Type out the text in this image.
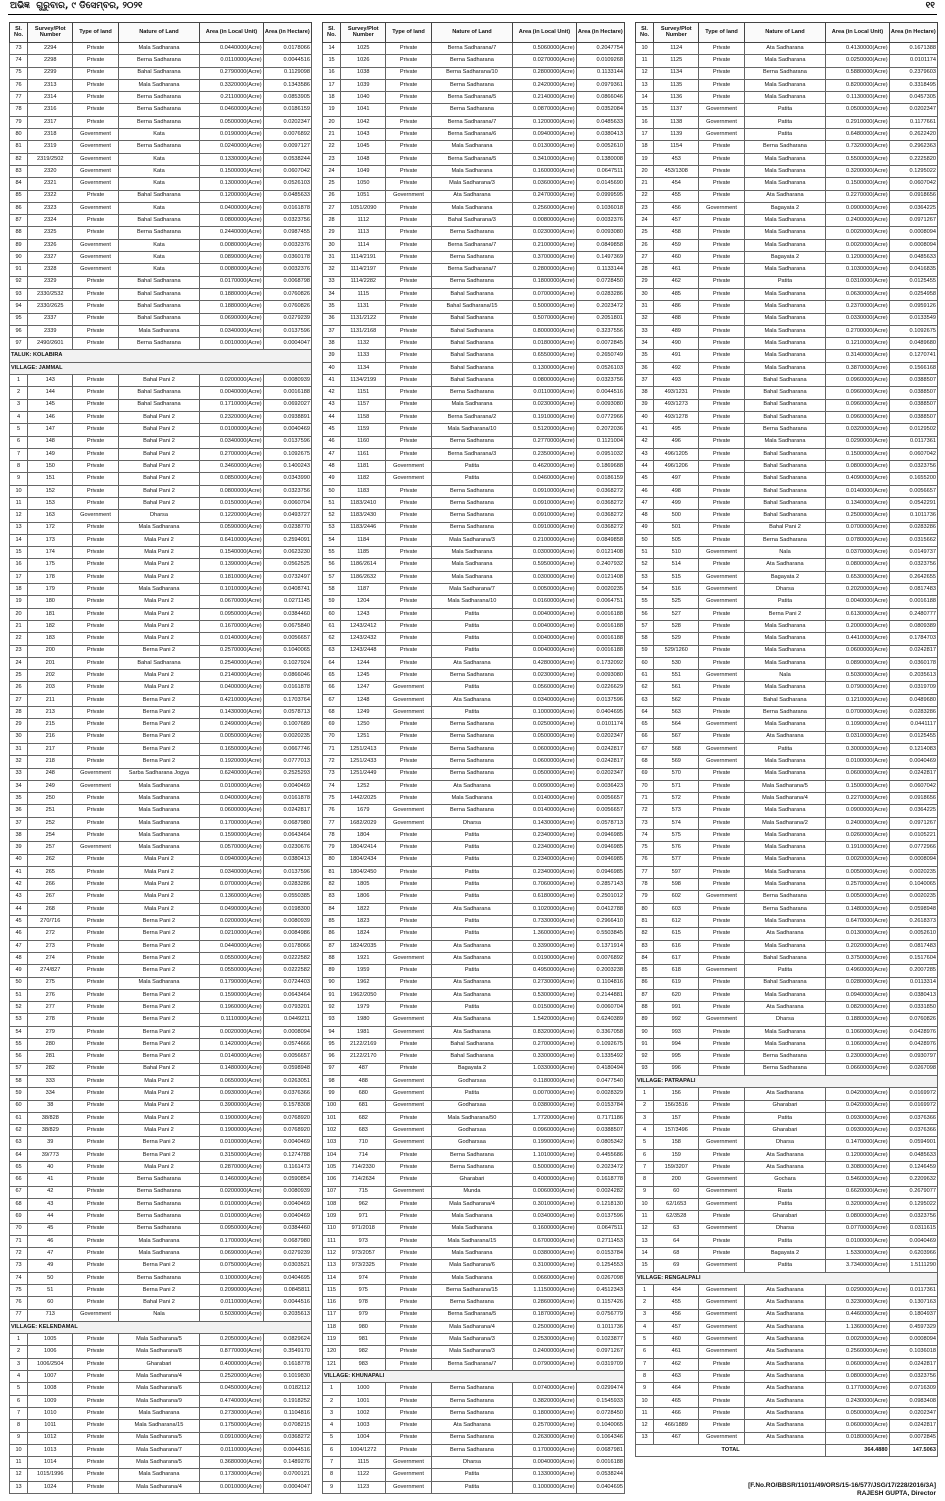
ଅଭିଜ୍ଞ ଗୁରୁବାର, ୯ ଡିସେମ୍ବର, ୨୦୨୧	୧୧
Sl. No.	Survey/Plot Number	Type of land	Nature of Land	Area (in Local Unit)	Area (in Hectare)
73	2294	Private	Mala Sadharana	0.0440000(Acre)	0.0178066
74	2298	Private	Berna Sadharana	0.0110000(Acre)	0.0044516
75	2299	Private	Bahal Sadharana	0.2790000(Acre)	0.1129098
76	2313	Private	Mala Sadharana	0.3320000(Acre)	0.1343586
77	2314	Private	Berna Sadharana	0.2110000(Acre)	0.0853905
78	2316	Private	Berna Sadharana	0.0460000(Acre)	0.0186159
79	2317	Private	Berna Sadharana	0.0500000(Acre)	0.0202347
80	2318	Government	Kata	0.0190000(Acre)	0.0076892
81	2319	Government	Berna Sadharana	0.0240000(Acre)	0.0097127
82	2319/2502	Government	Kata	0.1330000(Acre)	0.0538244
83	2320	Government	Kata	0.1500000(Acre)	0.0607042
84	2321	Government	Kata	0.1300000(Acre)	0.0526103
85	2322	Private	Bahal Sadharana	0.1200000(Acre)	0.0485633
86	2323	Government	Kata	0.0400000(Acre)	0.0161878
87	2324	Private	Bahal Sadharana	0.0800000(Acre)	0.0323756
88	2325	Private	Berna Sadharana	0.2440000(Acre)	0.0987455
89	2326	Government	Kata	0.0080000(Acre)	0.0032376
90	2327	Government	Kata	0.0890000(Acre)	0.0360178
91	2328	Government	Kata	0.0080000(Acre)	0.0032376
92	2329	Private	Bahal Sadharana	0.0170000(Acre)	0.0068798
93	2330/2532	Private	Bahal Sadharana	0.1880000(Acre)	0.0760826
94	2330/2625	Private	Bahal Sadharana	0.1880000(Acre)	0.0760826
95	2337	Private	Bahal Sadharana	0.0690000(Acre)	0.0279239
96	2339	Private	Mala Sadharana	0.0340000(Acre)	0.0137596
97	2490/2601	Private	Berna Sadharana	0.0010000(Acre)	0.0004047
TALUK: KOLABIRA					
VILLAGE: JAMMAL					
1	143	Private	Bahal Pani 2	0.0200000(Acre)	0.0080939
2	144	Private	Bahal Sadharana	0.0040000(Acre)	0.0016188
3	145	Private	Bahal Sadharana	0.1710000(Acre)	0.0692027
4	146	Private	Bahal Pani 2	0.2320000(Acre)	0.0938891
5	147	Private	Bahal Pani 2	0.0100000(Acre)	0.0040469
6	148	Private	Bahal Pani 2	0.0340000(Acre)	0.0137596
7	149	Private	Bahal Pani 2	0.2700000(Acre)	0.1092675
8	150	Private	Bahal Pani 2	0.3460000(Acre)	0.1400243
9	151	Private	Bahal Pani 2	0.0850000(Acre)	0.0343990
10	152	Private	Bahal Pani 2	0.0800000(Acre)	0.0323756
11	153	Private	Bahal Pani 2	0.0150000(Acre)	0.0060704
12	163	Government	Dharsa	0.1220000(Acre)	0.0493727
13	172	Private	Mala Sadharana	0.0590000(Acre)	0.0238770
14	173	Private	Mala Pani 2	0.6410000(Acre)	0.2594091
15	174	Private	Mala Pani 2	0.1540000(Acre)	0.0623230
16	175	Private	Mala Pani 2	0.1390000(Acre)	0.0562525
17	178	Private	Mala Pani 2	0.1810000(Acre)	0.0732497
18	179	Private	Mala Sadharana	0.1010000(Acre)	0.0408741
19	180	Private	Mala Pani 2	0.0670000(Acre)	0.0271145
20	181	Private	Mala Pani 2	0.0950000(Acre)	0.0384460
21	182	Private	Mala Pani 2	0.1670000(Acre)	0.0675840
22	183	Private	Mala Pani 2	0.0140000(Acre)	0.0056657
23	200	Private	Berna Pani 2	0.2570000(Acre)	0.1040065
24	201	Private	Bahal Sadharana	0.2540000(Acre)	0.1027924
25	202	Private	Mala Pani 2	0.2140000(Acre)	0.0866046
26	203	Private	Mala Pani 2	0.0400000(Acre)	0.0161878
27	211	Private	Berna Pani 2	0.4210000(Acre)	0.1703764
28	213	Private	Berna Pani 2	0.1430000(Acre)	0.0578713
29	215	Private	Berna Pani 2	0.2490000(Acre)	0.1007689
30	216	Private	Berna Pani 2	0.0050000(Acre)	0.0020235
31	217	Private	Berna Pani 2	0.1650000(Acre)	0.0667746
32	218	Private	Berna Pani 2	0.1920000(Acre)	0.0777013
33	248	Government	Sarba Sadharana Jogya	0.6240000(Acre)	0.2525293
34	249	Government	Mala Sadharana	0.0100000(Acre)	0.0040469
35	250	Private	Mala Sadharana	0.0400000(Acre)	0.0161878
36	251	Private	Mala Sadharana	0.0600000(Acre)	0.0242817
37	252	Private	Mala Sadharana	0.1700000(Acre)	0.0687980
38	254	Private	Mala Sadharana	0.1590000(Acre)	0.0643464
39	257	Government	Mala Sadharana	0.0570000(Acre)	0.0230676
40	262	Private	Mala Pani 2	0.0940000(Acre)	0.0380413
41	265	Private	Mala Pani 2	0.0340000(Acre)	0.0137596
42	266	Private	Mala Pani 2	0.0700000(Acre)	0.0283286
43	267	Private	Mala Pani 2	0.1360000(Acre)	0.0550385
44	268	Private	Mala Pani 2	0.0490000(Acre)	0.0198300
45	270/716	Private	Berna Pani 2	0.0200000(Acre)	0.0080939
46	272	Private	Berna Pani 2	0.0210000(Acre)	0.0084986
47	273	Private	Berna Pani 2	0.0440000(Acre)	0.0178066
48	274	Private	Berna Pani 2	0.0550000(Acre)	0.0222582
49	274/827	Private	Berna Pani 2	0.0550000(Acre)	0.0222582
50	275	Private	Mala Sadharana	0.1790000(Acre)	0.0724403
51	276	Private	Berna Pani 2	0.1590000(Acre)	0.0643464
52	277	Private	Berna Pani 2	0.1960000(Acre)	0.0793201
53	278	Private	Berna Pani 2	0.1110000(Acre)	0.0449211
54	279	Private	Berna Pani 2	0.0020000(Acre)	0.0008094
55	280	Private	Berna Pani 2	0.1420000(Acre)	0.0574666
56	281	Private	Berna Pani 2	0.0140000(Acre)	0.0056657
57	282	Private	Bahal Pani 2	0.1480000(Acre)	0.0598948
58	333	Private	Mala Pani 2	0.0650000(Acre)	0.0263051
59	334	Private	Mala Pani 2	0.0930000(Acre)	0.0376366
60	38	Private	Mala Pani 2	0.3900000(Acre)	0.1578308
61	38/828	Private	Mala Pani 2	0.1900000(Acre)	0.0768920
62	38/829	Private	Mala Pani 2	0.1900000(Acre)	0.0768920
63	39	Private	Berna Pani 2	0.0100000(Acre)	0.0040469
64	39/773	Private	Berna Pani 2	0.3150000(Acre)	0.1274788
65	40	Private	Mala Pani 2	0.2870000(Acre)	0.1161473
66	41	Private	Berna Sadharana	0.1460000(Acre)	0.0590854
67	42	Private	Berna Sadharana	0.0200000(Acre)	0.0080939
68	43	Private	Berna Sadharana	0.0100000(Acre)	0.0040469
69	44	Private	Berna Sadharana	0.0100000(Acre)	0.0040469
70	45	Private	Berna Sadharana	0.0950000(Acre)	0.0384460
71	46	Private	Mala Sadharana	0.1700000(Acre)	0.0687980
72	47	Private	Mala Sadharana	0.0690000(Acre)	0.0279239
73	49	Private	Berna Pani 2	0.0750000(Acre)	0.0303521
74	50	Private	Berna Sadharana	0.1000000(Acre)	0.0404695
75	51	Private	Berna Pani 2	0.2090000(Acre)	0.0845811
76	60	Private	Bahal Pani 2	0.0110000(Acre)	0.0044516
77	713	Government	Nala	0.5030000(Acre)	0.2035613
VILLAGE: KELENDAMAL					
1	1005	Private	Mala Sadharana/5	0.2050000(Acre)	0.0829624
2	1006	Private	Mala Sadharana/8	0.8770000(Acre)	0.3549170
3	1006/2504	Private	Gharabari	0.4000000(Acre)	0.1618778
4	1007	Private	Mala Sadharana/4	0.2520000(Acre)	0.1019830
5	1008	Private	Mala Sadharana/6	0.0450000(Acre)	0.0182112
6	1009	Private	Mala Sadharana/9	0.4740000(Acre)	0.1918252
7	1010	Private	Mala Sadharana	0.2730000(Acre)	0.1104816
8	1011	Private	Mala Sadharana/15	0.1750000(Acre)	0.0708215
9	1012	Private	Mala Sadharana/5	0.0910000(Acre)	0.0368272
10	1013	Private	Mala Sadharana/7	0.0110000(Acre)	0.0044516
11	1014	Private	Mala Sadharana/5	0.3680000(Acre)	0.1489276
12	1015/1996	Private	Mala Sadharana	0.1730000(Acre)	0.0700121
13	1024	Private	Mala Sadharana/4	0.0010000(Acre)	0.0004047
Sl. No.	Survey/Plot Number	Type of land	Nature of Land	Area (in Local Unit)	Area (in Hectare)
14	1025	Private	Berna Sadharana/7	0.5060000(Acre)	0.2047754
15	1026	Private	Berna Sadharana	0.0270000(Acre)	0.0109268
16	1038	Private	Berna Sadharana/10	0.2800000(Acre)	0.1133144
17	1039	Private	Berna Sadharana	0.2420000(Acre)	0.0979361
18	1040	Private	Berna Sadharana/5	0.2140000(Acre)	0.0866046
19	1041	Private	Berna Sadharana	0.0870000(Acre)	0.0352084
20	1042	Private	Berna Sadharana/7	0.1200000(Acre)	0.0485633
21	1043	Private	Berna Sadharana/6	0.0940000(Acre)	0.0380413
22	1045	Private	Mala Sadharana	0.0130000(Acre)	0.0052610
23	1048	Private	Berna Sadharana/5	0.3410000(Acre)	0.1380008
24	1049	Private	Mala Sadharana	0.1600000(Acre)	0.0647511
25	1050	Private	Mala Sadharana/3	0.0360000(Acre)	0.0145690
26	1051	Government	Ata Sadharana	0.2470000(Acre)	0.0999595
27	1051/2090	Private	Mala Sadharana	0.2560000(Acre)	0.1036018
28	1112	Private	Bahal Sadharana/3	0.0080000(Acre)	0.0032376
29	1113	Private	Berna Sadharana	0.0230000(Acre)	0.0093080
30	1114	Private	Berna Sadharana/7	0.2100000(Acre)	0.0849858
31	1114/2191	Private	Berna Sadharana	0.3700000(Acre)	0.1497369
32	1114/2197	Private	Berna Sadharana/7	0.2800000(Acre)	0.1133144
33	1114/2282	Private	Berna Sadharana	0.1800000(Acre)	0.0728450
34	1115	Private	Bahal Sadharana	0.0700000(Acre)	0.0283286
35	1131	Private	Bahal Sadharana/15	0.5000000(Acre)	0.2023472
36	1131/2122	Private	Bahal Sadharana	0.5070000(Acre)	0.2051801
37	1131/2168	Private	Bahal Sadharana	0.8000000(Acre)	0.3237556
38	1132	Private	Bahal Sadharana	0.0180000(Acre)	0.0072845
39	1133	Private	Bahal Sadharana	0.6550000(Acre)	0.2650749
40	1134	Private	Bahal Sadharana	0.1300000(Acre)	0.0526103
41	1134/2199	Private	Bahal Sadharana	0.0800000(Acre)	0.0323756
42	1151	Private	Berna Sadharana	0.0110000(Acre)	0.0044516
43	1157	Private	Mala Sadharana	0.0230000(Acre)	0.0093080
44	1158	Private	Berna Sadharana/2	0.1910000(Acre)	0.0772966
45	1159	Private	Mala Sadharana/10	0.5120000(Acre)	0.2072036
46	1160	Private	Berna Sadharana	0.2770000(Acre)	0.1121004
47	1161	Private	Berna Sadharana/3	0.2350000(Acre)	0.0951032
48	1181	Government	Patita	0.4620000(Acre)	0.1869688
49	1182	Government	Patita	0.0460000(Acre)	0.0186159
50	1183	Private	Berna Sadharana	0.0910000(Acre)	0.0368272
51	1183/2410	Private	Berna Sadharana	0.0910000(Acre)	0.0368272
52	1183/2430	Private	Berna Sadharana	0.0910000(Acre)	0.0368272
53	1183/2446	Private	Berna Sadharana	0.0910000(Acre)	0.0368272
54	1184	Private	Mala Sadharana/3	0.2100000(Acre)	0.0849858
55	1185	Private	Mala Sadharana	0.0300000(Acre)	0.0121408
56	1186/2614	Private	Mala Sadharana	0.5950000(Acre)	0.2407932
57	1186/2632	Private	Mala Sadharana	0.0300000(Acre)	0.0121408
58	1187	Private	Mala Sadharana/7	0.0050000(Acre)	0.0020235
59	1204	Private	Mala Sadharana/10	0.0160000(Acre)	0.0064751
60	1243	Private	Patita	0.0040000(Acre)	0.0016188
61	1243/2412	Private	Patita	0.0040000(Acre)	0.0016188
62	1243/2432	Private	Patita	0.0040000(Acre)	0.0016188
63	1243/2448	Private	Patita	0.0040000(Acre)	0.0016188
64	1244	Private	Ata Sadharana	0.4280000(Acre)	0.1732092
65	1245	Private	Berna Sadharana	0.0230000(Acre)	0.0093080
66	1247	Government	Patita	0.0560000(Acre)	0.0226629
67	1248	Government	Ata Sadharana	0.0340000(Acre)	0.0137596
68	1249	Government	Patita	0.1000000(Acre)	0.0404695
69	1250	Private	Berna Sadharana	0.0250000(Acre)	0.0101174
70	1251	Private	Berna Sadharana	0.0500000(Acre)	0.0202347
71	1251/2413	Private	Berna Sadharana	0.0600000(Acre)	0.0242817
72	1251/2433	Private	Berna Sadharana	0.0600000(Acre)	0.0242817
73	1251/2449	Private	Berna Sadharana	0.0500000(Acre)	0.0202347
74	1252	Private	Ata Sadharana	0.0090000(Acre)	0.0036423
75	1442/2025	Private	Mala Sadharana	0.0140000(Acre)	0.0056657
76	1679	Government	Berna Sadharana	0.0140000(Acre)	0.0056657
77	1682/2029	Government	Dharsa	0.1430000(Acre)	0.0578713
78	1804	Private	Patita	0.2340000(Acre)	0.0946985
79	1804/2414	Private	Patita	0.2340000(Acre)	0.0946985
80	1804/2434	Private	Patita	0.2340000(Acre)	0.0946985
81	1804/2450	Private	Patita	0.2340000(Acre)	0.0946985
82	1805	Private	Patita	0.7060000(Acre)	0.2857143
83	1806	Private	Patita	0.6180000(Acre)	0.2501012
84	1822	Private	Ata Sadharana	0.1020000(Acre)	0.0412788
85	1823	Private	Patita	0.7330000(Acre)	0.2966410
86	1824	Private	Patita	1.3600000(Acre)	0.5503845
87	1824/2035	Private	Ata Sadharana	0.3390000(Acre)	0.1371914
88	1921	Government	Ata Sadharana	0.0190000(Acre)	0.0076892
89	1959	Private	Patita	0.4950000(Acre)	0.2003238
90	1962	Private	Ata Sadharana	0.2730000(Acre)	0.1104816
91	1962/2050	Private	Ata Sadharana	0.5300000(Acre)	0.2144881
92	1979	Private	Patita	0.0150000(Acre)	0.0060704
93	1980	Government	Ata Sadharana	1.5420000(Acre)	0.6240389
94	1981	Government	Ata Sadharana	0.8320000(Acre)	0.3367058
95	2122/2169	Private	Bahal Sadharana	0.2700000(Acre)	0.1092675
96	2122/2170	Private	Bahal Sadharana	0.3300000(Acre)	0.1335492
97	487	Private	Bagayata 2	1.0330000(Acre)	0.4180494
98	488	Government	Godharsaa	0.1180000(Acre)	0.0477540
99	680	Government	Patita	0.0070000(Acre)	0.0028329
100	681	Government	Godharsaa	0.0380000(Acre)	0.0153784
101	682	Private	Mala Sadharana/50	1.7720000(Acre)	0.7171186
102	683	Government	Godharsaa	0.0960000(Acre)	0.0388507
103	710	Government	Godharsaa	0.1990000(Acre)	0.0805342
104	714	Private	Berna Sadharana	1.1010000(Acre)	0.4455686
105	714/2330	Private	Berna Sadharana	0.5000000(Acre)	0.2023472
106	714/2634	Private	Gharabari	0.4000000(Acre)	0.1618778
107	715	Government	Munda	0.0060000(Acre)	0.0024282
108	962	Private	Mala Sadharana/4	0.3010000(Acre)	0.1218130
109	971	Private	Mala Sadharana	0.0340000(Acre)	0.0137596
110	971/2018	Private	Mala Sadharana	0.1600000(Acre)	0.0647511
111	973	Private	Mala Sadharana/15	0.6700000(Acre)	0.2711453
112	973/2057	Private	Mala Sadharana	0.0380000(Acre)	0.0153784
113	973/2325	Private	Mala Sadharana/6	0.3100000(Acre)	0.1254553
114	974	Private	Mala Sadharana	0.0660000(Acre)	0.0267098
115	975	Private	Berna Sadharana/15	1.1150000(Acre)	0.4512343
116	978	Private	Berna Sadharana	0.2860000(Acre)	0.1157426
117	979	Private	Berna Sadharana/5	0.1870000(Acre)	0.0756779
118	980	Private	Mala Sadharana/4	0.2500000(Acre)	0.1011736
119	981	Private	Mala Sadharana/3	0.2530000(Acre)	0.1023877
120	982	Private	Mala Sadharana/3	0.2400000(Acre)	0.0971267
121	983	Private	Berna Sadharana/7	0.0790000(Acre)	0.0319709
VILLAGE: KHUNAPALI					
1	1000	Private	Berna Sadharana	0.0740000(Acre)	0.0299474
2	1001	Private	Berna Sadharana	0.3820000(Acre)	0.1545933
3	1002	Private	Berna Sadharana	0.1800000(Acre)	0.0728450
4	1003	Private	Ata Sadharana	0.2570000(Acre)	0.1040065
5	1004	Private	Berna Sadharana	0.2630000(Acre)	0.1064346
6	1004/1272	Private	Berna Sadharana	0.1700000(Acre)	0.0687981
7	1115	Government	Dharsa	0.0040000(Acre)	0.0016188
8	1122	Government	Patita	0.1330000(Acre)	0.0538244
9	1123	Government	Patita	0.1000000(Acre)	0.0404695
Sl. No.	Survey/Plot Number	Type of land	Nature of Land	Area (in Local Unit)	Area (in Hectare)
10	1124	Private	Ata Sadharana	0.4130000(Acre)	0.1671388
11	1125	Private	Mala Sadharana	0.0250000(Acre)	0.0101174
12	1134	Private	Berna Sadharana	0.5880000(Acre)	0.2379603
13	1135	Private	Mala Sadharana	0.8200000(Acre)	0.3318495
14	1136	Private	Mala Sadharana	0.1130000(Acre)	0.0457305
15	1137	Government	Patita	0.0500000(Acre)	0.0202347
16	1138	Government	Patita	0.2910000(Acre)	0.1177661
17	1139	Government	Patita	0.6480000(Acre)	0.2622420
18	1154	Private	Berna Sadharana	0.7320000(Acre)	0.2962363
19	453	Private	Mala Sadharana	0.5500000(Acre)	0.2225820
20	453/1308	Private	Mala Sadharana	0.3200000(Acre)	0.1295022
21	454	Private	Mala Sadharana	0.1500000(Acre)	0.0607042
22	455	Private	Ata Sadharana	0.2270000(Acre)	0.0918656
23	456	Government	Bagayata 2	0.0900000(Acre)	0.0364225
24	457	Private	Mala Sadharana	0.2400000(Acre)	0.0971267
25	458	Private	Mala Sadharana	0.0020000(Acre)	0.0008094
26	459	Private	Mala Sadharana	0.0020000(Acre)	0.0008094
27	460	Private	Bagayata 2	0.1200000(Acre)	0.0485633
28	461	Private	Mala Sadharana	0.1030000(Acre)	0.0416835
29	462	Private	Patita	0.0310000(Acre)	0.0125455
30	485	Private	Mala Sadharana	0.0630000(Acre)	0.0254958
31	486	Private	Mala Sadharana	0.2370000(Acre)	0.0959126
32	488	Private	Mala Sadharana	0.0330000(Acre)	0.0133549
33	489	Private	Mala Sadharana	0.2700000(Acre)	0.1092675
34	490	Private	Mala Sadharana	0.1210000(Acre)	0.0489680
35	491	Private	Mala Sadharana	0.3140000(Acre)	0.1270741
36	492	Private	Mala Sadharana	0.3870000(Acre)	0.1566168
37	493	Private	Bahal Sadharana	0.0960000(Acre)	0.0388507
38	493/1231	Private	Bahal Sadharana	0.0960000(Acre)	0.0388507
39	493/1273	Private	Bahal Sadharana	0.0960000(Acre)	0.0388507
40	493/1278	Private	Bahal Sadharana	0.0960000(Acre)	0.0388507
41	495	Private	Berna Sadharana	0.0320000(Acre)	0.0129502
42	496	Private	Mala Sadharana	0.0290000(Acre)	0.0117361
43	496/1205	Private	Bahal Sadharana	0.1500000(Acre)	0.0607042
44	496/1206	Private	Bahal Sadharana	0.0800000(Acre)	0.0323756
45	497	Private	Bahal Sadharana	0.4090000(Acre)	0.1655200
46	498	Private	Bahal Sadharana	0.0140000(Acre)	0.0056657
47	499	Private	Bahal Sadharana	0.1340000(Acre)	0.0542291
48	500	Private	Bahal Sadharana	0.2500000(Acre)	0.1011736
49	501	Private	Bahal Pani 2	0.0700000(Acre)	0.0283286
50	505	Private	Berna Sadharana	0.0780000(Acre)	0.0315662
51	510	Government	Nala	0.0370000(Acre)	0.0149737
52	514	Private	Ata Sadharana	0.0800000(Acre)	0.0323756
53	515	Government	Bagayata 2	0.6530000(Acre)	0.2642655
54	516	Government	Dharsa	0.2020000(Acre)	0.0817483
55	525	Government	Patita	0.0040000(Acre)	0.0016188
56	527	Private	Berna Pani 2	0.6130000(Acre)	0.2480777
57	528	Private	Mala Sadharana	0.2000000(Acre)	0.0809389
58	529	Private	Mala Sadharana	0.4410000(Acre)	0.1784703
59	529/1260	Private	Mala Sadharana	0.0600000(Acre)	0.0242817
60	530	Private	Mala Sadharana	0.0890000(Acre)	0.0360178
61	551	Government	Nala	0.5030000(Acre)	0.2035613
62	561	Private	Mala Sadharana	0.0790000(Acre)	0.0319709
63	562	Private	Bahal Sadharana	0.1210000(Acre)	0.0489680
64	563	Private	Berna Sadharana	0.0700000(Acre)	0.0283286
65	564	Government	Mala Sadharana	0.1090000(Acre)	0.0441117
66	567	Private	Ata Sadharana	0.0310000(Acre)	0.0125455
67	568	Government	Patita	0.3000000(Acre)	0.1214083
68	569	Government	Mala Sadharana	0.0100000(Acre)	0.0040469
69	570	Private	Mala Sadharana	0.0600000(Acre)	0.0242817
70	571	Private	Mala Sadharana/5	0.1500000(Acre)	0.0607042
71	572	Private	Mala Sadharana/4	0.2270000(Acre)	0.0918656
72	573	Private	Mala Sadharana	0.0900000(Acre)	0.0364225
73	574	Private	Mala Sadharana/2	0.2400000(Acre)	0.0971267
74	575	Private	Mala Sadharana	0.0260000(Acre)	0.0105221
75	576	Private	Mala Sadharana	0.1910000(Acre)	0.0772966
76	577	Private	Mala Sadharana	0.0020000(Acre)	0.0008094
77	597	Private	Mala Sadharana	0.0050000(Acre)	0.0020235
78	598	Private	Mala Sadharana	0.2570000(Acre)	0.1040065
79	602	Government	Berna Sadharana	0.0050000(Acre)	0.0020235
80	603	Private	Berna Sadharana	0.1480000(Acre)	0.0598948
81	612	Private	Mala Sadharana	0.6470000(Acre)	0.2618373
82	615	Private	Ata Sadharana	0.0130000(Acre)	0.0052610
83	616	Private	Mala Sadharana	0.2020000(Acre)	0.0817483
84	617	Private	Bahal Sadharana	0.3750000(Acre)	0.1517604
85	618	Government	Patita	0.4960000(Acre)	0.2007285
86	619	Private	Bahal Sadharana	0.0280000(Acre)	0.0113314
87	620	Private	Mala Sadharana	0.0940000(Acre)	0.0380413
88	991	Private	Ata Sadharana	0.0820000(Acre)	0.0331850
89	992	Government	Dharsa	0.1880000(Acre)	0.0760826
90	993	Private	Mala Sadharana	0.1060000(Acre)	0.0428976
91	994	Private	Mala Sadharana	0.1060000(Acre)	0.0428976
92	995	Private	Berna Sadharana	0.2300000(Acre)	0.0930797
93	996	Private	Berna Sadharana	0.0660000(Acre)	0.0267098
VILLAGE: PATRAPALI					
1	156	Private	Ata Sadharana	0.0420000(Acre)	0.0169972
2	156/3516	Private	Gharabari	0.0420000(Acre)	0.0169972
3	157	Private	Patita	0.0930000(Acre)	0.0376366
4	157/3496	Private	Gharabari	0.0930000(Acre)	0.0376366
5	158	Government	Dharsa	0.1470000(Acre)	0.0594901
6	159	Private	Ata Sadharana	0.1200000(Acre)	0.0485633
7	159/3207	Private	Ata Sadharana	0.3080000(Acre)	0.1246459
8	200	Government	Gochara	0.5460000(Acre)	0.2209632
9	60	Government	Rasta	0.6620000(Acre)	0.2679077
10	62/1653	Government	Patita	0.3200000(Acre)	0.1295022
11	62/3528	Private	Gharabari	0.0800000(Acre)	0.0323756
12	63	Government	Dharsa	0.0770000(Acre)	0.0311615
13	64	Private	Patita	0.0100000(Acre)	0.0040469
14	68	Private	Bagayata 2	1.5330000(Acre)	0.6203966
15	69	Government	Patita	3.7340000(Acre)	1.5111290
VILLAGE: RENGALPALI					
1	454	Government	Ata Sadharana	0.0290000(Acre)	0.0117361
2	455	Government	Ata Sadharana	0.3230000(Acre)	0.1307163
3	456	Government	Ata Sadharana	0.4460000(Acre)	0.1804937
4	457	Government	Ata Sadharana	1.1360000(Acre)	0.4597329
5	460	Government	Ata Sadharana	0.0020000(Acre)	0.0008094
6	461	Government	Ata Sadharana	0.2560000(Acre)	0.1036018
7	462	Private	Ata Sadharana	0.0600000(Acre)	0.0242817
8	463	Private	Ata Sadharana	0.0800000(Acre)	0.0323756
9	464	Private	Ata Sadharana	0.1770000(Acre)	0.0716309
10	465	Private	Ata Sadharana	0.2430000(Acre)	0.0983408
11	466	Private	Ata Sadharana	0.0500000(Acre)	0.0202347
12	466/1889	Private	Ata Sadharana	0.0600000(Acre)	0.0242817
13	467	Government	Ata Sadharana	0.0180000(Acre)	0.0072845
TOTAL				364.4880	147.5063
[F.No.RO/BBSR/11011/49/ORS/15-16/577/JSG/17/228/2016/3A]
RAJESH GUPTA, Director
